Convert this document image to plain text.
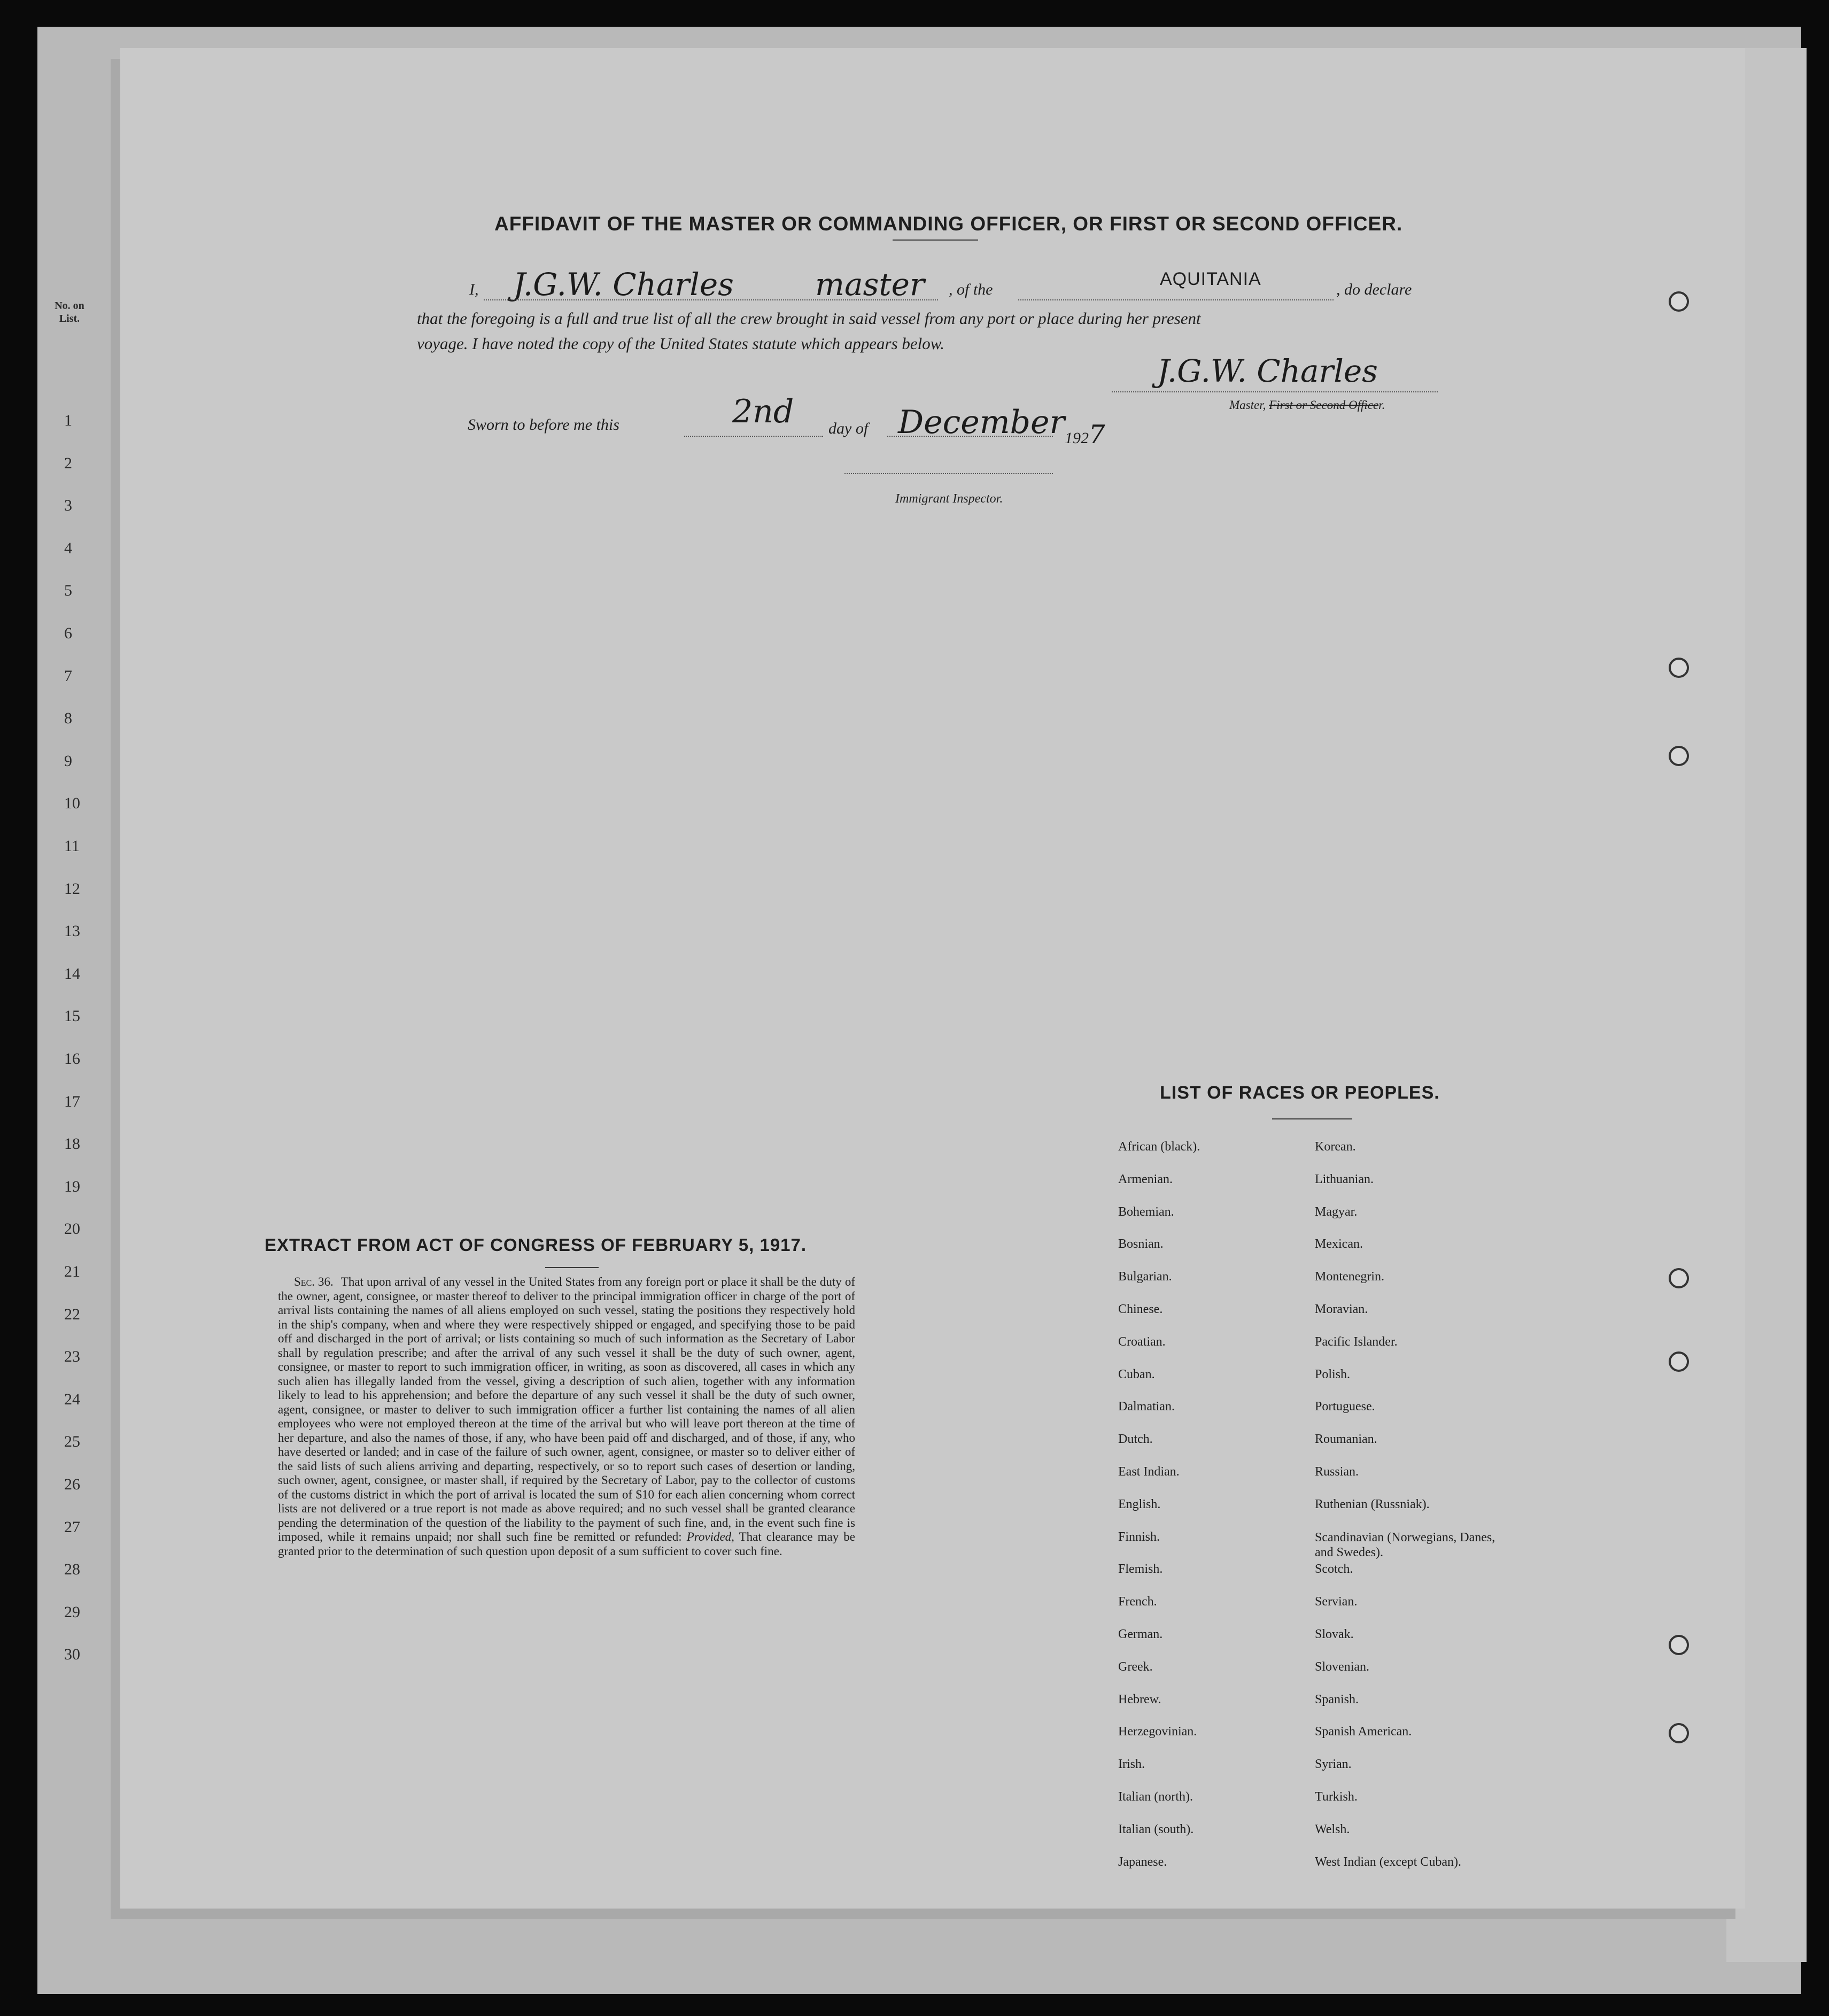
No. on List.
1
2
3
4
5
6
7
8
9
10
11
12
13
14
15
16
17
18
19
20
21
22
23
24
25
26
27
28
29
30
AFFIDAVIT OF THE MASTER OR COMMANDING OFFICER, OR FIRST OR SECOND OFFICER.
I, J.G.W. Charles	master , of the
AQUITANIA
, do declare
that the foregoing is a full and true list of all the crew brought in said vessel from any port or place during her present
voyage. I have noted the copy of the United States statute which appears below.
J.G.W. Charles
Master, First or Second Officer.
Sworn to before me this	2nd day of December 1927
Immigrant Inspector.
EXTRACT FROM ACT OF CONGRESS OF FEBRUARY 5, 1917.
Sec. 36. That upon arrival of any vessel in the United States from any foreign port or place it shall be the duty of the owner, agent, consignee, or master thereof to deliver to the principal immigration officer in charge of the port of arrival lists containing the names of all aliens employed on such vessel, stating the positions they respectively hold in the ship's company, when and where they were respectively shipped or engaged, and specifying those to be paid off and discharged in the port of arrival; or lists containing so much of such information as the Secretary of Labor shall by regulation prescribe; and after the arrival of any such vessel it shall be the duty of such owner, agent, consignee, or master to report to such immigration officer, in writing, as soon as discovered, all cases in which any such alien has illegally landed from the vessel, giving a description of such alien, together with any information likely to lead to his apprehension; and before the departure of any such vessel it shall be the duty of such owner, agent, consignee, or master to deliver to such immigration officer a further list containing the names of all alien employees who were not employed thereon at the time of the arrival but who will leave port thereon at the time of her departure, and also the names of those, if any, who have been paid off and discharged, and of those, if any, who have deserted or landed; and in case of the failure of such owner, agent, consignee, or master so to deliver either of the said lists of such aliens arriving and departing, respectively, or so to report such cases of desertion or landing, such owner, agent, consignee, or master shall, if required by the Secretary of Labor, pay to the collector of customs of the customs district in which the port of arrival is located the sum of $10 for each alien concerning whom correct lists are not delivered or a true report is not made as above required; and no such vessel shall be granted clearance pending the determination of the question of the liability to the payment of such fine, and, in the event such fine is imposed, while it remains unpaid; nor shall such fine be remitted or refunded: Provided, That clearance may be granted prior to the determination of such question upon deposit of a sum sufficient to cover such fine.
LIST OF RACES OR PEOPLES.
African (black).
Armenian.
Bohemian.
Bosnian.
Bulgarian.
Chinese.
Croatian.
Cuban.
Dalmatian.
Dutch.
East Indian.
English.
Finnish.
Flemish.
French.
German.
Greek.
Hebrew.
Herzegovinian.
Irish.
Italian (north).
Italian (south).
Japanese.
Korean.
Lithuanian.
Magyar.
Mexican.
Montenegrin.
Moravian.
Pacific Islander.
Polish.
Portuguese.
Roumanian.
Russian.
Ruthenian (Russniak).
Scandinavian (Norwegians, Danes, and Swedes).
Scotch.
Servian.
Slovak.
Slovenian.
Spanish.
Spanish American.
Syrian.
Turkish.
Welsh.
West Indian (except Cuban).
